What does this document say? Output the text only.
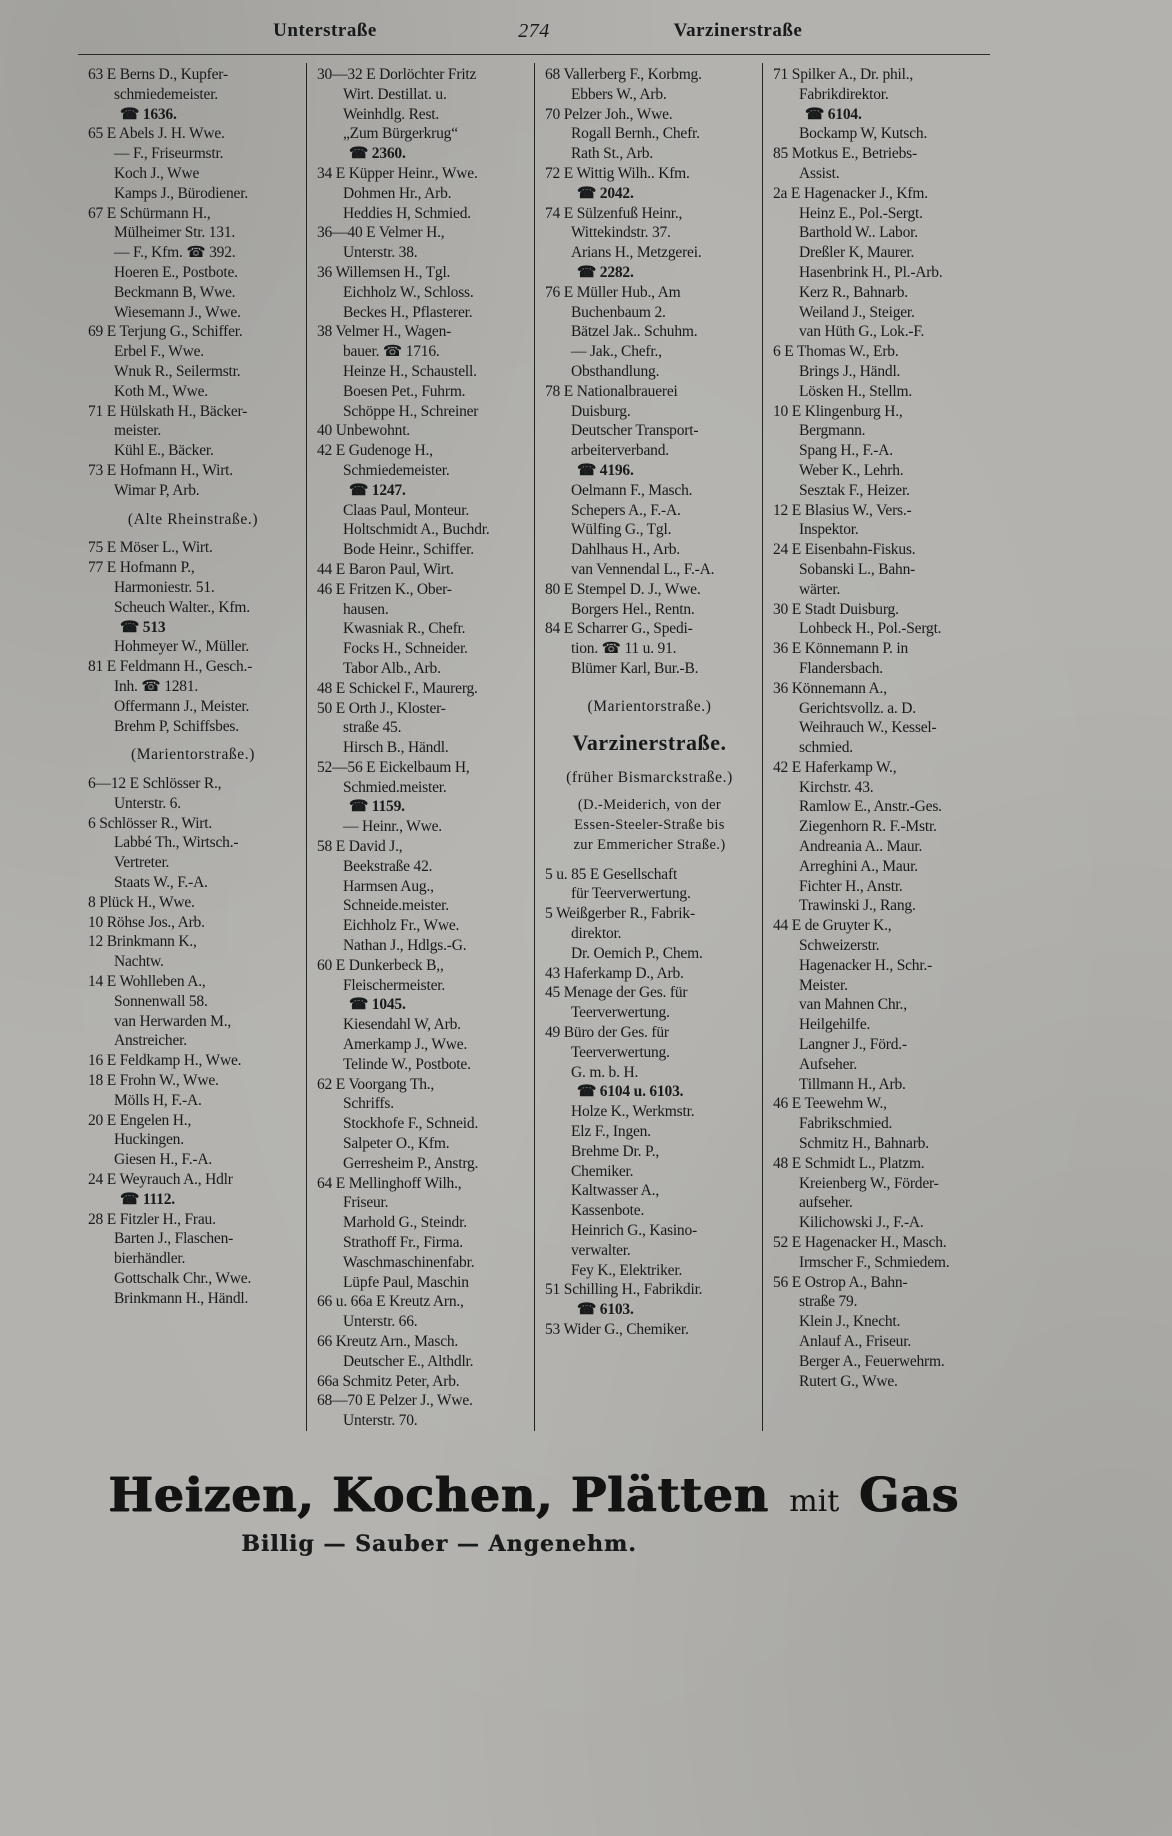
Unterstraße	274	Varzinerstraße
63 E Berns D., Kupfer-
schmiedemeister.
☎ 1636.
65 E Abels J. H. Wwe.
— F., Friseurmstr.
Koch J., Wwe
Kamps J., Bürodiener.
67 E Schürmann H.,
Mülheimer Str. 131.
— F., Kfm. ☎ 392.
Hoeren E., Postbote.
Beckmann B, Wwe.
Wiesemann J., Wwe.
69 E Terjung G., Schiffer.
Erbel F., Wwe.
Wnuk R., Seilermstr.
Koth M., Wwe.
71 E Hülskath H., Bäcker-
meister.
Kühl E., Bäcker.
73 E Hofmann H., Wirt.
Wimar P, Arb.
(Alte Rheinstraße.)
75 E Möser L., Wirt.
77 E Hofmann P.,
Harmoniestr. 51.
Scheuch Walter., Kfm.
☎ 513
Hohmeyer W., Müller.
81 E Feldmann H., Gesch.-
Inh. ☎ 1281.
Offermann J., Meister.
Brehm P, Schiffsbes.
(Marientorstraße.)
6—12 E Schlösser R.,
Unterstr. 6.
6 Schlösser R., Wirt.
Labbé Th., Wirtsch.-
Vertreter.
Staats W., F.-A.
8 Plück H., Wwe.
10 Röhse Jos., Arb.
12 Brinkmann K.,
Nachtw.
14 E Wohlleben A.,
Sonnenwall 58.
van Herwarden M.,
Anstreicher.
16 E Feldkamp H., Wwe.
18 E Frohn W., Wwe.
Mölls H, F.-A.
20 E Engelen H.,
Huckingen.
Giesen H., F.-A.
24 E Weyrauch A., Hdlr
☎ 1112.
28 E Fitzler H., Frau.
Barten J., Flaschen-
bierhändler.
Gottschalk Chr., Wwe.
Brinkmann H., Händl.
30—32 E Dorlöchter Fritz
Wirt. Destillat. u.
Weinhdlg. Rest.
„Zum Bürgerkrug“
☎ 2360.
34 E Küpper Heinr., Wwe.
Dohmen Hr., Arb.
Heddies H, Schmied.
36—40 E Velmer H.,
Unterstr. 38.
36 Willemsen H., Tgl.
Eichholz W., Schloss.
Beckes H., Pflasterer.
38 Velmer H., Wagen-
bauer. ☎ 1716.
Heinze H., Schaustell.
Boesen Pet., Fuhrm.
Schöppe H., Schreiner
40 Unbewohnt.
42 E Gudenoge H.,
Schmiedemeister.
☎ 1247.
Claas Paul, Monteur.
Holtschmidt A., Buchdr.
Bode Heinr., Schiffer.
44 E Baron Paul, Wirt.
46 E Fritzen K., Ober-
hausen.
Kwasniak R., Chefr.
Focks H., Schneider.
Tabor Alb., Arb.
48 E Schickel F., Maurerg.
50 E Orth J., Kloster-
straße 45.
Hirsch B., Händl.
52—56 E Eickelbaum H,
Schmied.meister.
☎ 1159.
— Heinr., Wwe.
58 E David J.,
Beekstraße 42.
Harmsen Aug.,
Schneide.meister.
Eichholz Fr., Wwe.
Nathan J., Hdlgs.-G.
60 E Dunkerbeck B,,
Fleischermeister.
☎ 1045.
Kiesendahl W, Arb.
Amerkamp J., Wwe.
Telinde W., Postbote.
62 E Voorgang Th.,
Schriffs.
Stockhofe F., Schneid.
Salpeter O., Kfm.
Gerresheim P., Anstrg.
64 E Mellinghoff Wilh.,
Friseur.
Marhold G., Steindr.
Strathoff Fr., Firma.
Waschmaschinenfabr.
Lüpfe Paul, Maschin
66 u. 66a E Kreutz Arn.,
Unterstr. 66.
66 Kreutz Arn., Masch.
Deutscher E., Althdlr.
66a Schmitz Peter, Arb.
68—70 E Pelzer J., Wwe.
Unterstr. 70.
68 Vallerberg F., Korbmg.
Ebbers W., Arb.
70 Pelzer Joh., Wwe.
Rogall Bernh., Chefr.
Rath St., Arb.
72 E Wittig Wilh.. Kfm.
☎ 2042.
74 E Sülzenfuß Heinr.,
Wittekindstr. 37.
Arians H., Metzgerei.
☎ 2282.
76 E Müller Hub., Am
Buchenbaum 2.
Bätzel Jak.. Schuhm.
— Jak., Chefr.,
Obsthandlung.
78 E Nationalbrauerei
Duisburg.
Deutscher Transport-
arbeiterverband.
☎ 4196.
Oelmann F., Masch.
Schepers A., F.-A.
Wülfing G., Tgl.
Dahlhaus H., Arb.
van Vennendal L., F.-A.
80 E Stempel D. J., Wwe.
Borgers Hel., Rentn.
84 E Scharrer G., Spedi-
tion. ☎ 11 u. 91.
Blümer Karl, Bur.-B.
(Marientorstraße.)
Varzinerstraße.
(früher Bismarckstraße.)
(D.-Meiderich, von der
Essen-Steeler-Straße bis
zur Emmericher Straße.)
5 u. 85 E Gesellschaft
für Teerverwertung.
5 Weißgerber R., Fabrik-
direktor.
Dr. Oemich P., Chem.
43 Haferkamp D., Arb.
45 Menage der Ges. für
Teerverwertung.
49 Büro der Ges. für
Teerverwertung.
G. m. b. H.
☎ 6104 u. 6103.
Holze K., Werkmstr.
Elz F., Ingen.
Brehme Dr. P.,
Chemiker.
Kaltwasser A.,
Kassenbote.
Heinrich G., Kasino-
verwalter.
Fey K., Elektriker.
51 Schilling H., Fabrikdir.
☎ 6103.
53 Wider G., Chemiker.
71 Spilker A., Dr. phil.,
Fabrikdirektor.
☎ 6104.
Bockamp W, Kutsch.
85 Motkus E., Betriebs-
Assist.
2a E Hagenacker J., Kfm.
Heinz E., Pol.-Sergt.
Barthold W.. Labor.
Dreßler K, Maurer.
Hasenbrink H., Pl.-Arb.
Kerz R., Bahnarb.
Weiland J., Steiger.
van Hüth G., Lok.-F.
6 E Thomas W., Erb.
Brings J., Händl.
Lösken H., Stellm.
10 E Klingenburg H.,
Bergmann.
Spang H., F.-A.
Weber K., Lehrh.
Sesztak F., Heizer.
12 E Blasius W., Vers.-
Inspektor.
24 E Eisenbahn-Fiskus.
Sobanski L., Bahn-
wärter.
30 E Stadt Duisburg.
Lohbeck H., Pol.-Sergt.
36 E Könnemann P. in
Flandersbach.
36 Könnemann A.,
Gerichtsvollz. a. D.
Weihrauch W., Kessel-
schmied.
42 E Haferkamp W.,
Kirchstr. 43.
Ramlow E., Anstr.-Ges.
Ziegenhorn R. F.-Mstr.
Andreania A.. Maur.
Arreghini A., Maur.
Fichter H., Anstr.
Trawinski J., Rang.
44 E de Gruyter K.,
Schweizerstr.
Hagenacker H., Schr.-
Meister.
van Mahnen Chr.,
Heilgehilfe.
Langner J., Förd.-
Aufseher.
Tillmann H., Arb.
46 E Teewehm W.,
Fabrikschmied.
Schmitz H., Bahnarb.
48 E Schmidt L., Platzm.
Kreienberg W., Förder-
aufseher.
Kilichowski J., F.-A.
52 E Hagenacker H., Masch.
Irmscher F., Schmiedem.
56 E Ostrop A., Bahn-
straße 79.
Klein J., Knecht.
Anlauf A., Friseur.
Berger A., Feuerwehrm.
Rutert G., Wwe.
Heizen, Kochen, Plätten mit Gas
Billig — Sauber — Angenehm.
